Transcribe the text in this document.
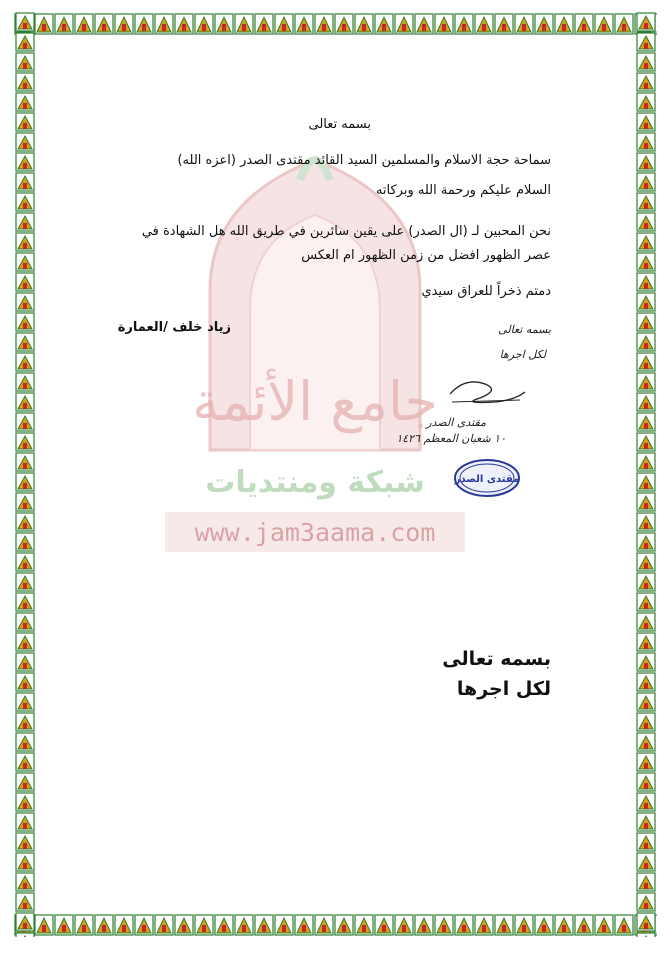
جامع الأئمة
شبكة ومنتديات
www.jam3aama.com
بسمه تعالى
سماحة حجة الاسلام والمسلمين السيد القائد مقتدى الصدر (اعزه الله)
السلام عليكم ورحمة الله وبركاته
نحن المحبين لـ (ال الصدر) على يقين سائرين في طريق الله هل الشهادة في
عصر الظهور افضل من زمن الظهور ام العكس
دمتم ذخراً للعراق سيدي
زياد خلف /العمارة	بسمه تعالى
لكل اجرها
مقتدى الصدر
١٠ شعبان المعظم ١٤٢٦
مقتدى الصدر
بسمه تعالى
لكل اجرها
